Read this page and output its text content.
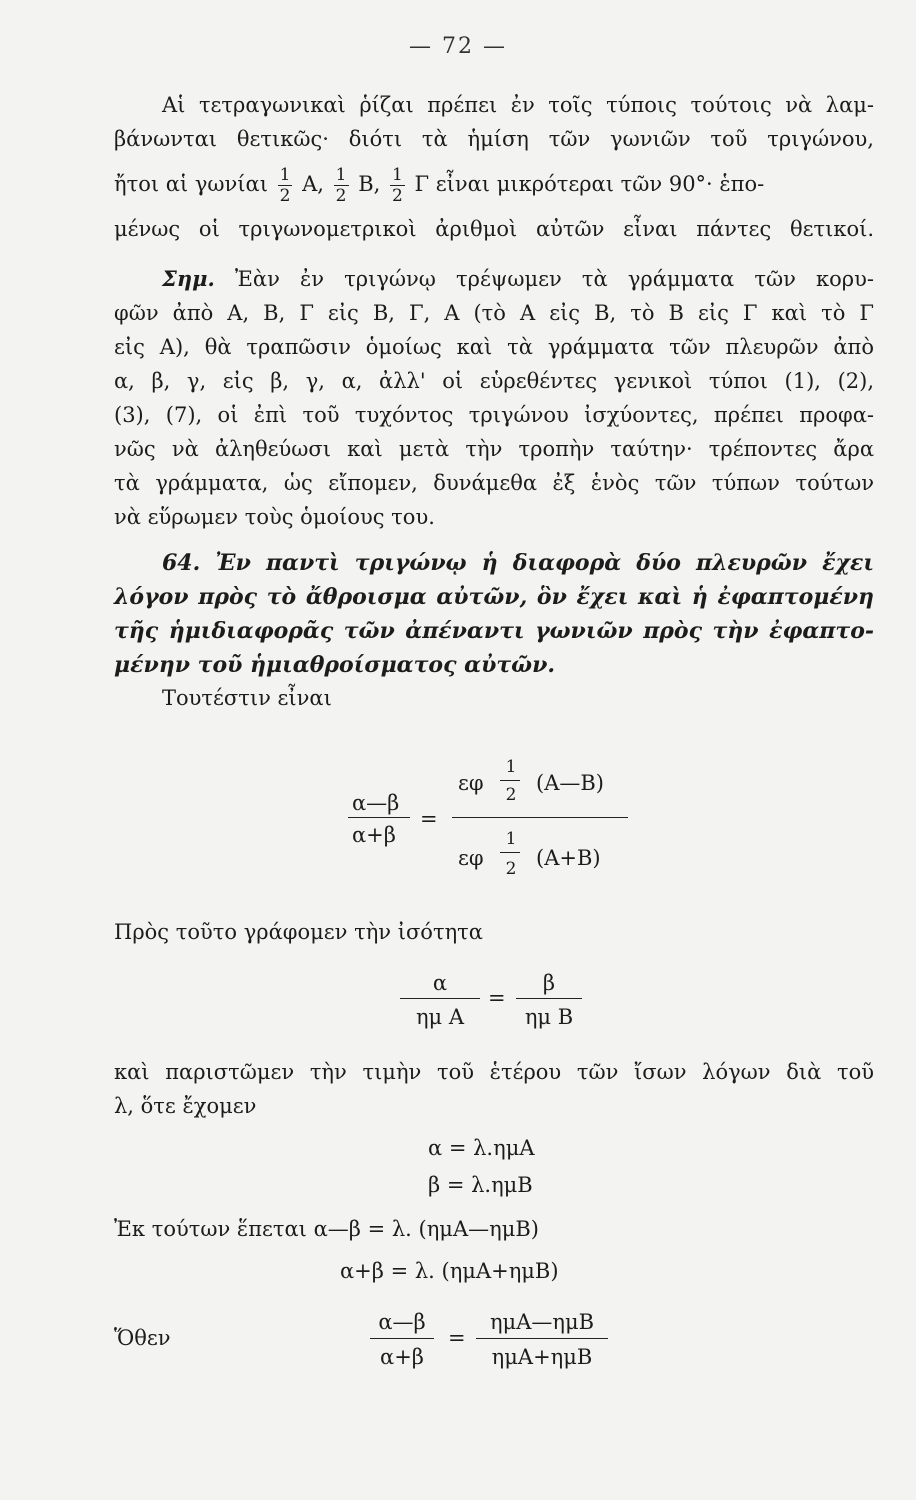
— 72 —
Αἱ τετραγωνικαὶ ῥίζαι πρέπει ἐν τοῖς τύποις τούτοις νὰ λαμ-
βάνωνται θετικῶς· διότι τὰ ἡμίση τῶν γωνιῶν τοῦ τριγώνου,
ἤτοι αἱ γωνίαι $\frac{1}{2} A$, $\frac{1}{2} B$, $\frac{1}{2}$ Γ εἶναι μικρότεραι τῶν 90°· ἑπο-
μένως οἱ τριγωνομετρικοὶ ἀριθμοὶ αὐτῶν εἶναι πάντες θετικοί.
Σημ. Ἐὰν ἐν τριγώνῳ τρέψωμεν τὰ γράμματα τῶν κορυ-
φῶν ἀπὸ Α, Β, Γ εἰς Β, Γ, Α (τὸ Α εἰς Β, τὸ Β εἰς Γ καὶ τὸ Γ
εἰς Α), θὰ τραπῶσιν ὁμοίως καὶ τὰ γράμματα τῶν πλευρῶν ἀπὸ
α, β, γ, εἰς β, γ, α, ἀλλ' οἱ εὑρεθέντες γενικοὶ τύποι (1), (2),
(3), (7), οἱ ἐπὶ τοῦ τυχόντος τριγώνου ἰσχύοντες, πρέπει προφα-
νῶς νὰ ἀληθεύωσι καὶ μετὰ τὴν τροπὴν ταύτην· τρέποντες ἄρα
τὰ γράμματα, ὡς εἴπομεν, δυνάμεθα ἐξ ἑνὸς τῶν τύπων τούτων
νὰ εὕρωμεν τοὺς ὁμοίους του.
64. Ἐν παντὶ τριγώνῳ ἡ διαφορὰ δύο πλευρῶν ἔχει
λόγον πρὸς τὸ ἄθροισμα αὐτῶν, ὃν ἔχει καὶ ἡ ἐφαπτομένη
τῆς ἡμιδιαφορᾶς τῶν ἀπέναντι γωνιῶν πρὸς τὴν ἐφαπτο-
μένην τοῦ ἡμιαθροίσματος αὐτῶν.
Τουτέστιν εἶναι
α—β
α+β
=
εφ
1
2 (Α—Β)
εφ
1
2 (Α+Β)
Πρὸς τοῦτο γράφομεν τὴν ἰσότητα
α
ημ Α
=
β
ημ Β
καὶ παριστῶμεν τὴν τιμὴν τοῦ ἑτέρου τῶν ἴσων λόγων διὰ τοῦ
λ, ὅτε ἔχομεν
α = λ.ημΑ
β = λ.ημΒ
Ἐκ τούτων ἕπεται α—β = λ. (ημΑ—ημΒ)
α+β = λ. (ημΑ+ημΒ)
Ὅθεν
α—β
α+β
=
ημΑ—ημΒ
ημΑ+ημΒ
